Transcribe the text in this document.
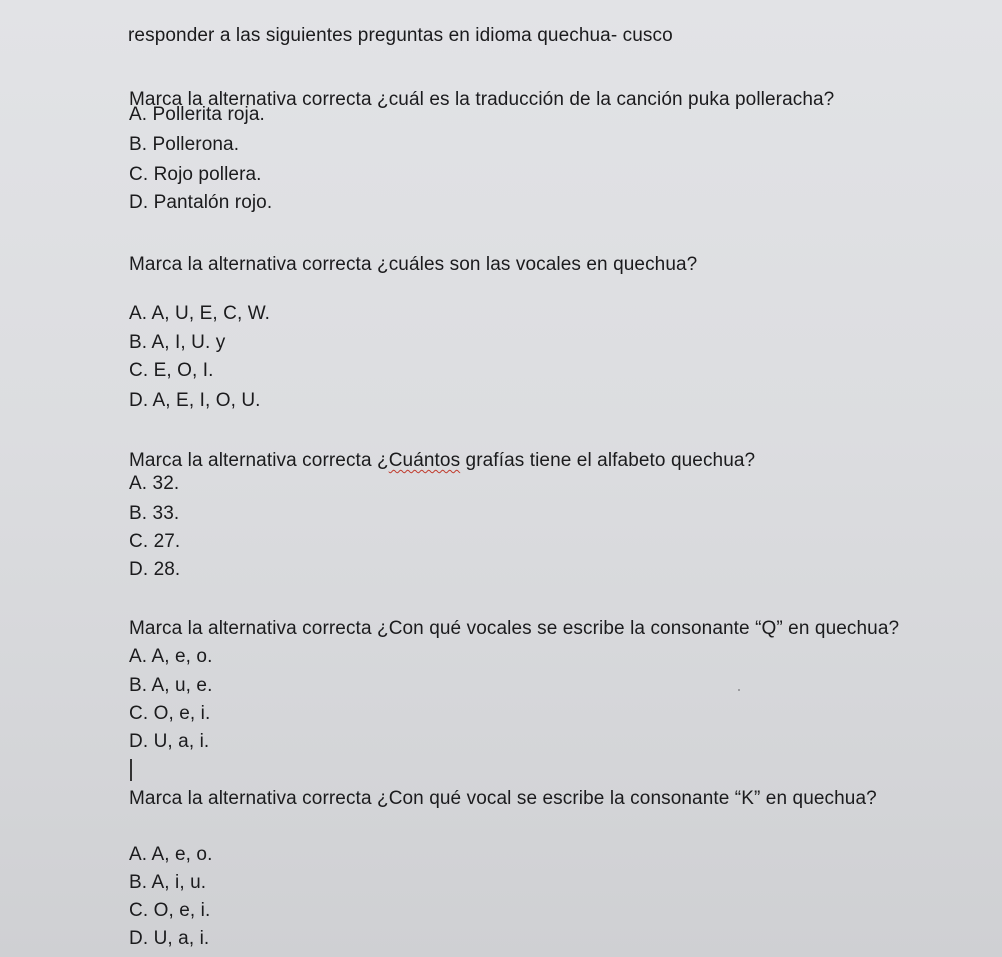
responder a las siguientes preguntas en idioma quechua- cusco
Marca la alternativa correcta ¿cuál es la traducción de la canción puka polleracha?
A. Pollerita roja.
B. Pollerona.
C. Rojo pollera.
D. Pantalón rojo.
Marca la alternativa correcta ¿cuáles son las vocales en quechua?
A. A, U, E, C, W.
B. A, I, U. y
C. E, O, I.
D. A, E, I, O, U.
Marca la alternativa correcta ¿Cuántos grafías tiene el alfabeto quechua?
A. 32.
B. 33.
C. 27.
D. 28.
Marca la alternativa correcta ¿Con qué vocales se escribe la consonante “Q” en quechua?
A. A, e, o.
B. A, u, e.
C. O, e, i.
D. U, a, i.
Marca la alternativa correcta ¿Con qué vocal se escribe la consonante “K” en quechua?
A. A, e, o.
B. A, i, u.
C. O, e, i.
D. U, a, i.
